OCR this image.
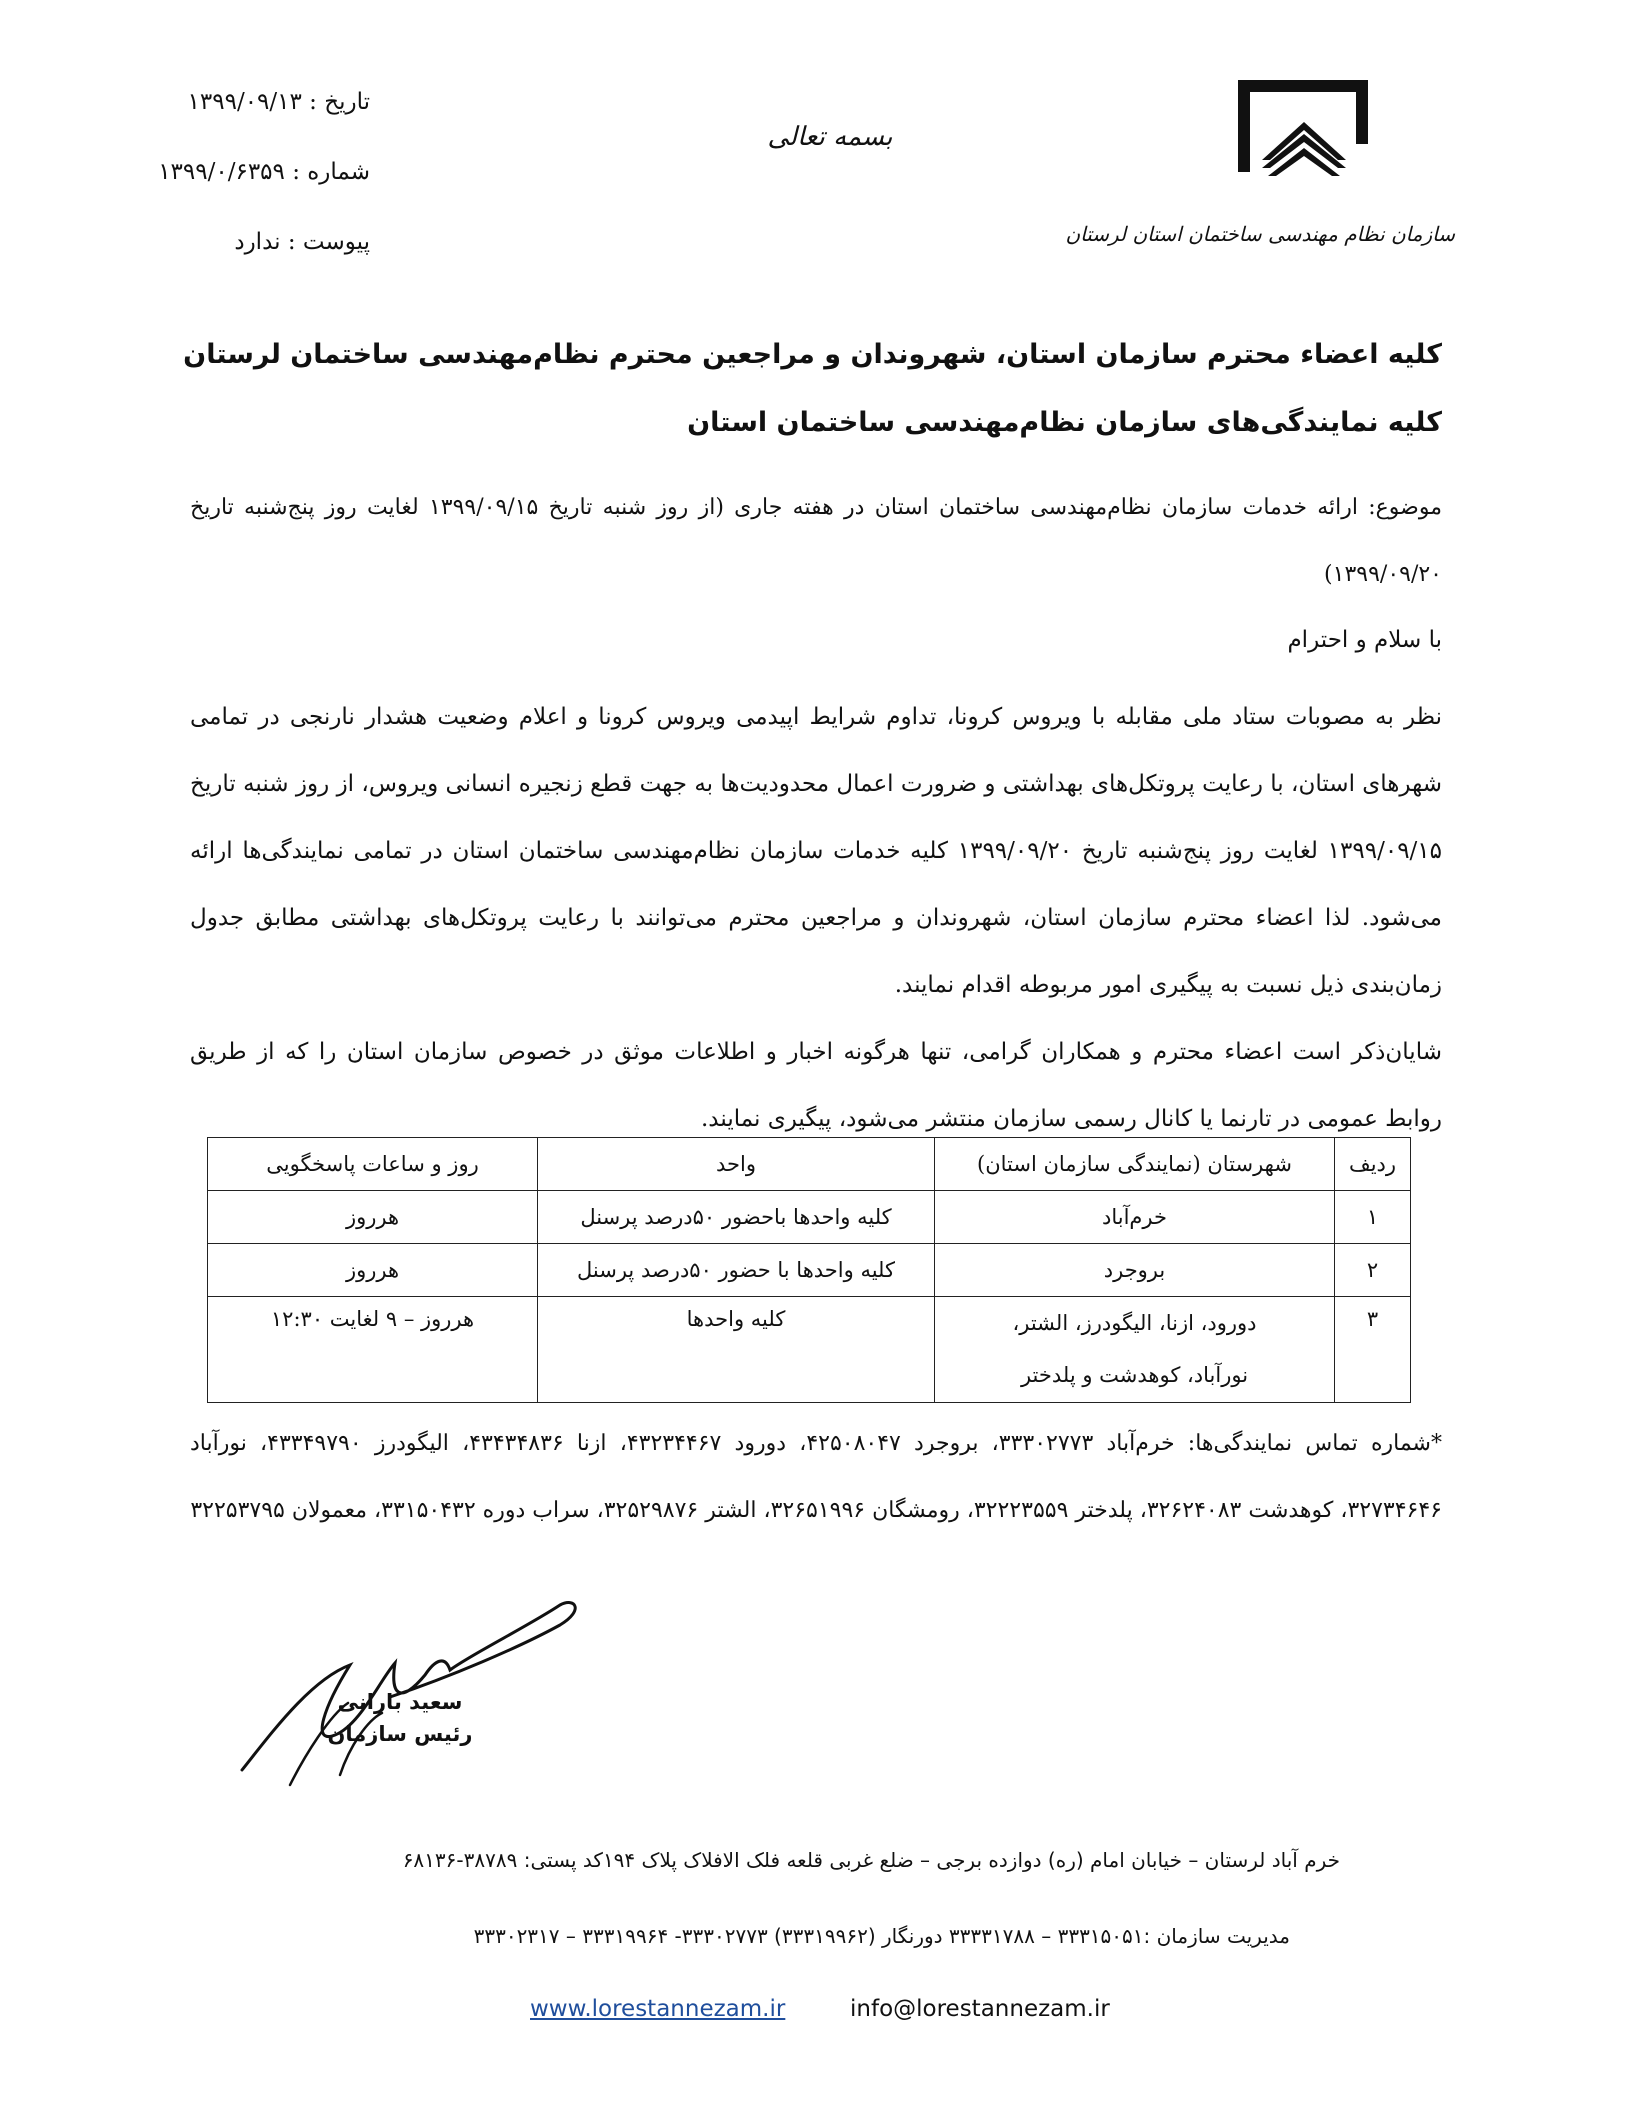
تاریخ : ۱۳۹۹/۰۹/۱۳
شماره : ۱۳۹۹/۰/۶۳۵۹
پیوست : ندارد
بسمه تعالی
سازمان نظام مهندسی ساختمان استان لرستان
کلیه اعضاء محترم سازمان استان، شهروندان و مراجعین محترم نظام‌مهندسی ساختمان لرستان
کلیه نمایندگی‌های سازمان نظام‌مهندسی ساختمان استان
موضوع: ارائه خدمات سازمان نظام‌مهندسی ساختمان استان در هفته جاری (از روز شنبه تاریخ ۱۳۹۹/۰۹/۱۵ لغایت روز پنج‌شنبه تاریخ ۱۳۹۹/۰۹/۲۰)
با سلام و احترام

نظر به مصوبات ستاد ملی مقابله با ویروس کرونا، تداوم شرایط اپیدمی ویروس کرونا و اعلام وضعیت هشدار نارنجی در تمامی شهرهای استان، با رعایت پروتکل‌های بهداشتی و ضرورت اعمال محدودیت‌ها به جهت قطع زنجیره انسانی ویروس، از روز شنبه تاریخ ۱۳۹۹/۰۹/۱۵ لغایت روز پنج‌شنبه تاریخ ۱۳۹۹/۰۹/۲۰ کلیه خدمات سازمان نظام‌مهندسی ساختمان استان در تمامی نمایندگی‌ها ارائه می‌شود. لذا اعضاء محترم سازمان استان، شهروندان و مراجعین محترم می‌توانند با رعایت پروتکل‌های بهداشتی مطابق جدول زمان‌بندی ذیل نسبت به پیگیری امور مربوطه اقدام نمایند.

شایان‌ذکر است اعضاء محترم و همکاران گرامی، تنها هرگونه اخبار و اطلاعات موثق در خصوص سازمان استان را که از طریق روابط عمومی در تارنما یا کانال رسمی سازمان منتشر می‌شود، پیگیری نمایند.

ردیف	شهرستان (نمایندگی سازمان استان)	واحد	روز و ساعات پاسخگویی
۱	خرم‌آباد	کلیه واحدها باحضور ۵۰درصد پرسنل	هرروز
۲	بروجرد	کلیه واحدها با حضور ۵۰درصد پرسنل	هرروز
۳	دورود، ازنا، الیگودرز، الشتر،
نورآباد، کوهدشت و پلدختر	کلیه واحدها	هرروز – ۹ لغایت ۱۲:۳۰
*شماره تماس نمایندگی‌ها: خرم‌آباد ۳۳۳۰۲۷۷۳، بروجرد ۴۲۵۰۸۰۴۷، دورود ۴۳۲۳۴۴۶۷، ازنا ۴۳۴۳۴۸۳۶، الیگودرز ۴۳۳۴۹۷۹۰، نورآباد ۳۲۷۳۴۶۴۶، کوهدشت ۳۲۶۲۴۰۸۳، پلدختر ۳۲۲۲۳۵۵۹، رومشگان ۳۲۶۵۱۹۹۶، الشتر ۳۲۵۲۹۸۷۶، سراب دوره ۳۳۱۵۰۴۳۲، معمولان ۳۲۲۵۳۷۹۵
سعید بارانی
رئیس سازمان
خرم آباد لرستان – خیابان امام (ره) دوازده برجی – ضلع غربی قلعه فلک الافلاک پلاک ۱۹۴کد پستی: ۳۸۷۸۹-۶۸۱۳۶
مدیریت سازمان :۳۳۳۱۵۰۵۱ – ۳۳۳۳۱۷۸۸ دورنگار (۳۳۳۱۹۹۶۲) ۳۳۳۰۲۷۷۳- ۳۳۳۱۹۹۶۴ – ۳۳۳۰۲۳۱۷
www.lorestannezam.ir	info@lorestannezam.ir
